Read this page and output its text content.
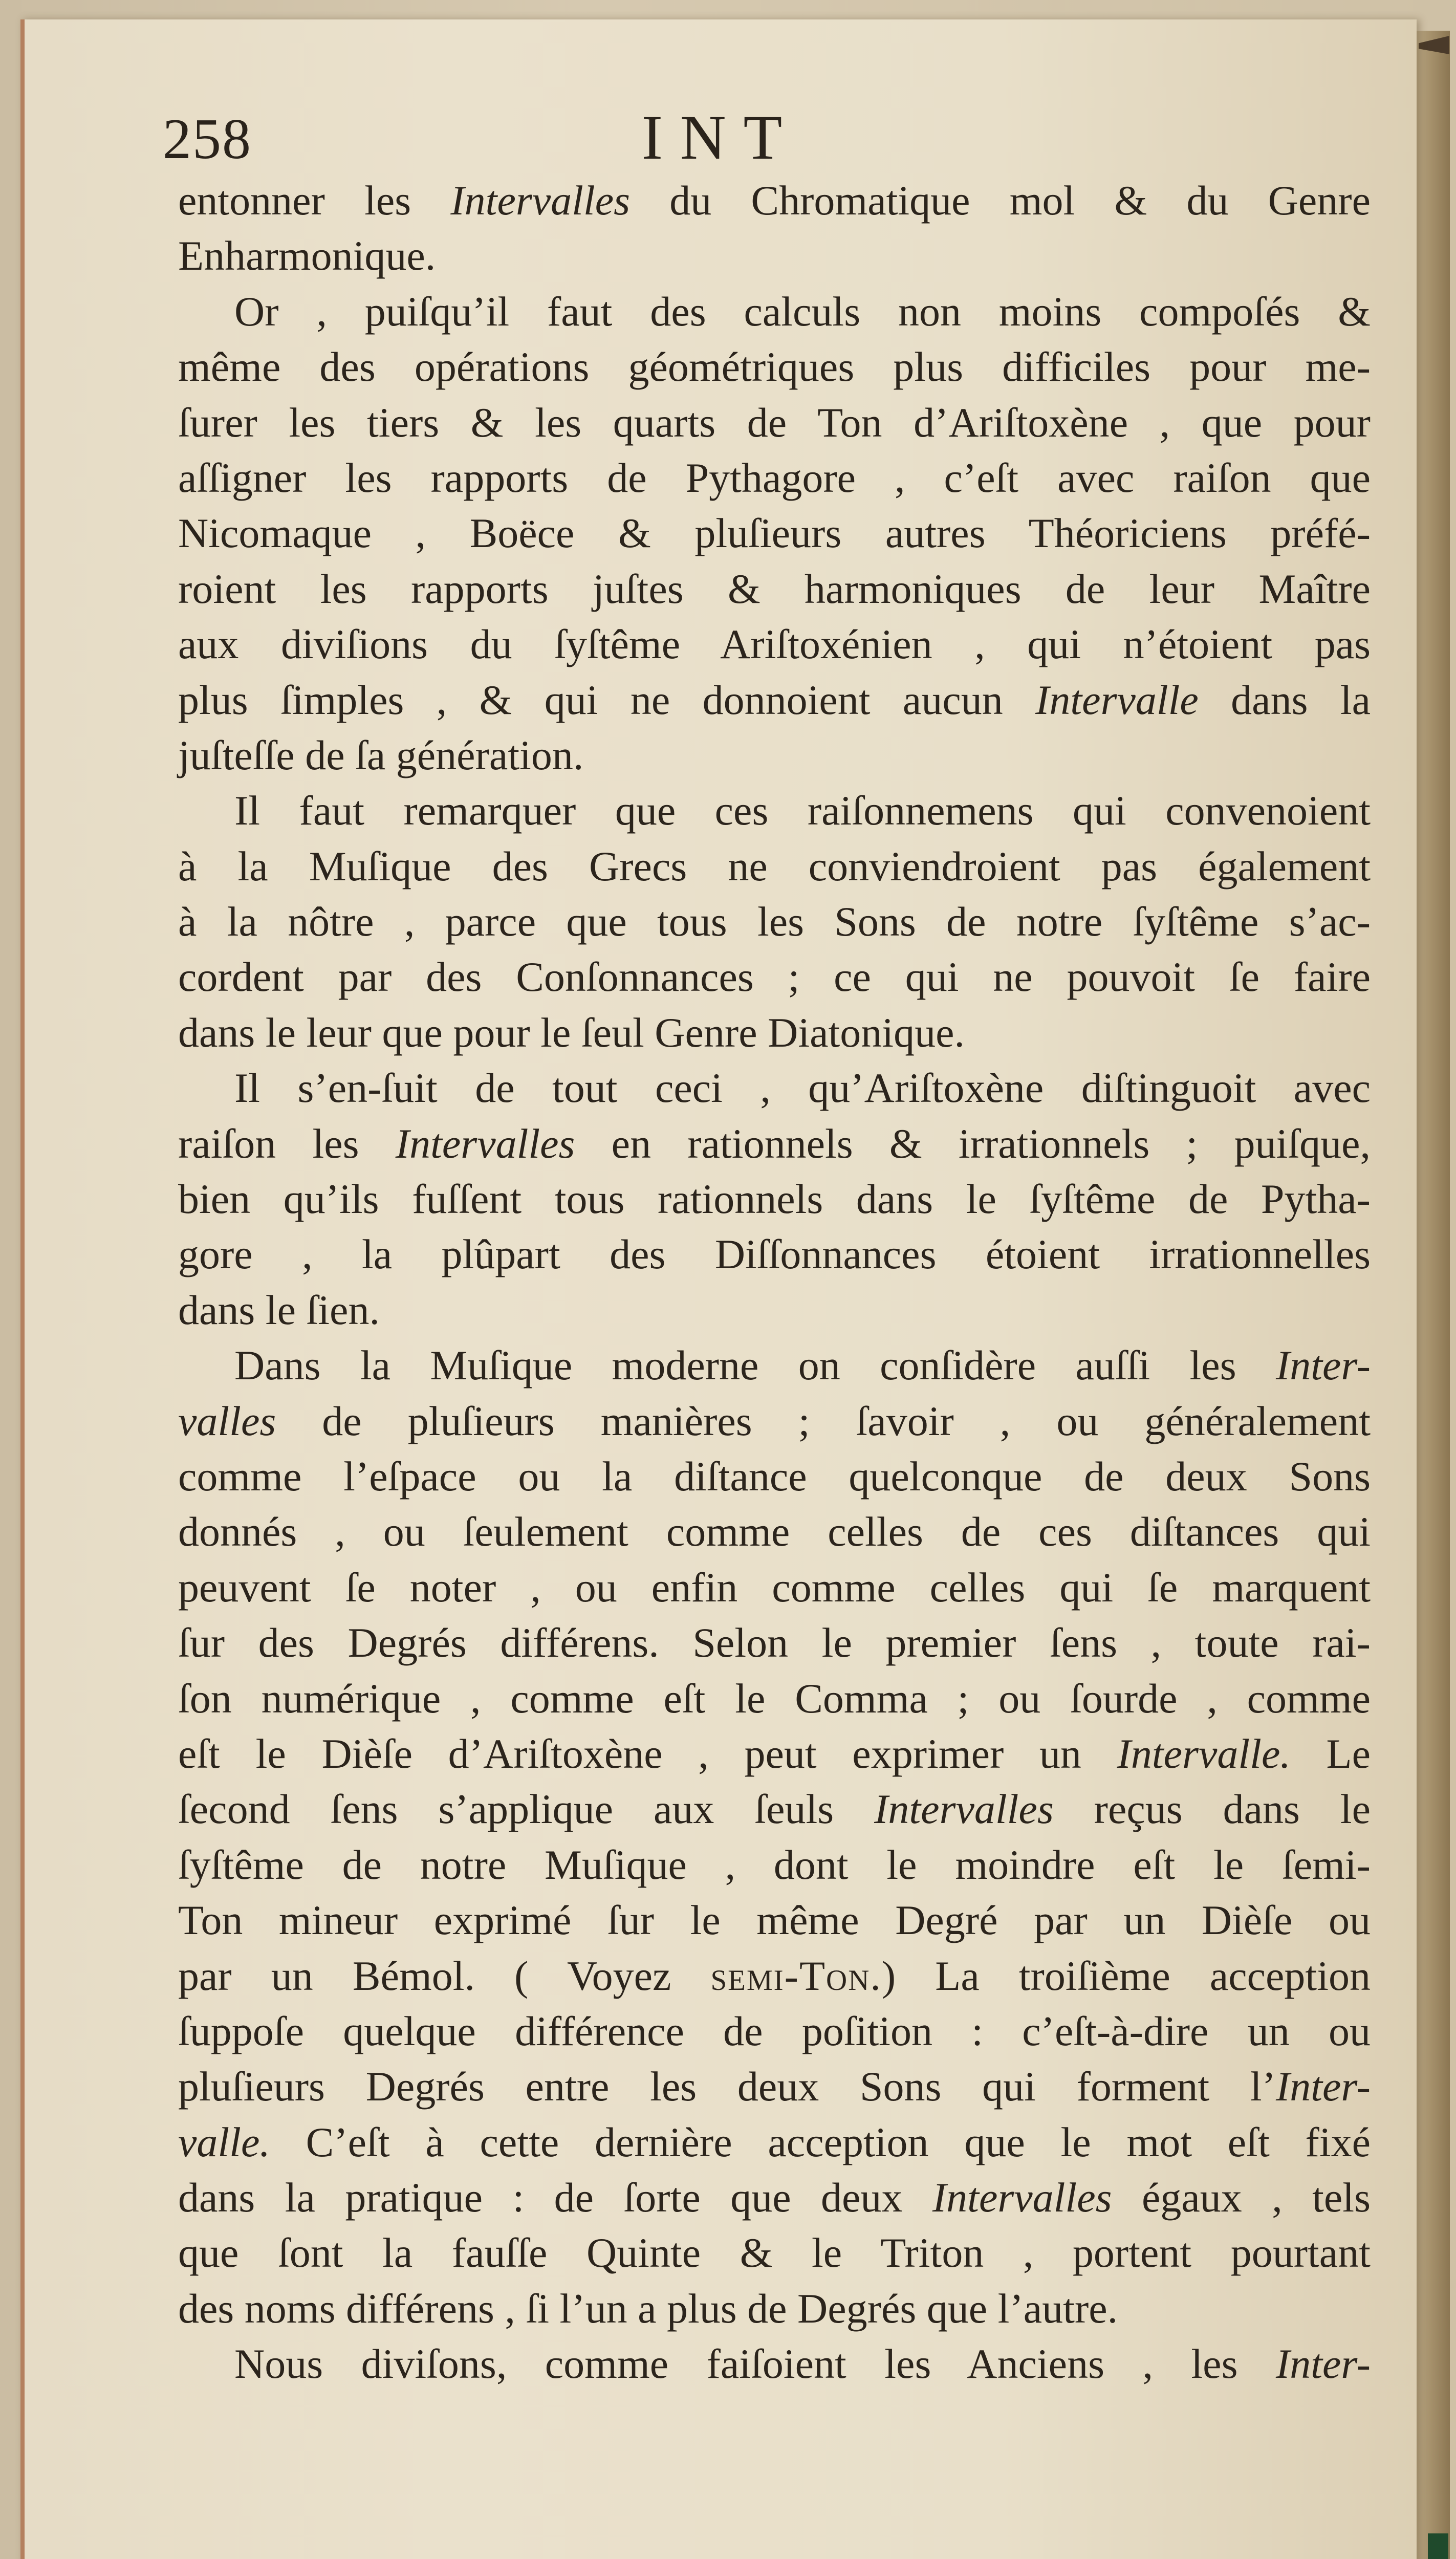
258	INT
entonner les Intervalles du Chromatique mol & du Genre
Enharmonique.
Or , puiſqu’il faut des calculs non moins compoſés &
même des opérations géométriques plus difficiles pour me-
ſurer les tiers & les quarts de Ton d’Ariſtoxène , que pour
aſſigner les rapports de Pythagore , c’eſt avec raiſon que
Nicomaque , Boëce & pluſieurs autres Théoriciens préfé-
roient les rapports juſtes & harmoniques de leur Maître
aux diviſions du ſyſtême Ariſtoxénien , qui n’étoient pas
plus ſimples , & qui ne donnoient aucun Intervalle dans la
juſteſſe de ſa génération.
Il faut remarquer que ces raiſonnemens qui convenoient
à la Muſique des Grecs ne conviendroient pas également
à la nôtre , parce que tous les Sons de notre ſyſtême s’ac-
cordent par des Conſonnances ; ce qui ne pouvoit ſe faire
dans le leur que pour le ſeul Genre Diatonique.
Il s’en-ſuit de tout ceci , qu’Ariſtoxène diſtinguoit avec
raiſon les Intervalles en rationnels & irrationnels ; puiſque,
bien qu’ils fuſſent tous rationnels dans le ſyſtême de Pytha-
gore , la plûpart des Diſſonnances étoient irrationnelles
dans le ſien.
Dans la Muſique moderne on conſidère auſſi les Inter-
valles de pluſieurs manières ; ſavoir , ou généralement
comme l’eſpace ou la diſtance quelconque de deux Sons
donnés , ou ſeulement comme celles de ces diſtances qui
peuvent ſe noter , ou enfin comme celles qui ſe marquent
ſur des Degrés différens. Selon le premier ſens , toute rai-
ſon numérique , comme eſt le Comma ; ou ſourde , comme
eſt le Dièſe d’Ariſtoxène , peut exprimer un Intervalle. Le
ſecond ſens s’applique aux ſeuls Intervalles reçus dans le
ſyſtême de notre Muſique , dont le moindre eſt le ſemi-
Ton mineur exprimé ſur le même Degré par un Dièſe ou
par un Bémol. ( Voyez semi-Ton.) La troiſième acception
ſuppoſe quelque différence de poſition : c’eſt-à-dire un ou
pluſieurs Degrés entre les deux Sons qui forment l’Inter-
valle. C’eſt à cette dernière acception que le mot eſt fixé
dans la pratique : de ſorte que deux Intervalles égaux , tels
que ſont la fauſſe Quinte & le Triton , portent pourtant
des noms différens , ſi l’un a plus de Degrés que l’autre.
Nous diviſons, comme faiſoient les Anciens , les Inter-
